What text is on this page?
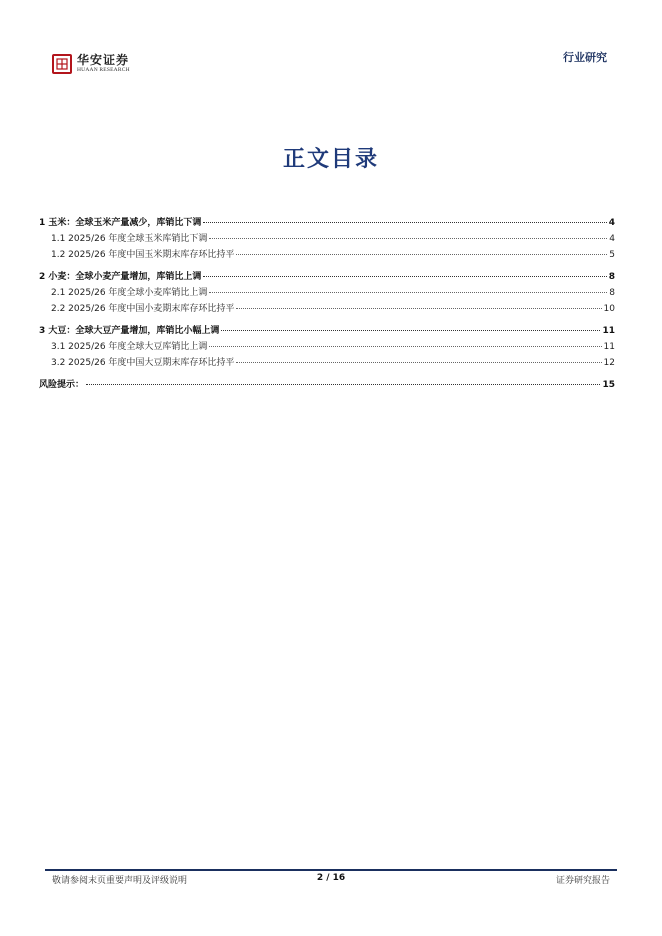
华安证券
HUAAN RESEARCH
行业研究
正文目录
1 玉米：全球玉米产量减少，库销比下调	4
1.1 2025/26 年度全球玉米库销比下调	4
1.2 2025/26 年度中国玉米期末库存环比持平	5
2 小麦：全球小麦产量增加，库销比上调	8
2.1 2025/26 年度全球小麦库销比上调	8
2.2 2025/26 年度中国小麦期末库存环比持平	10
3 大豆：全球大豆产量增加，库销比小幅上调	11
3.1 2025/26 年度全球大豆库销比上调	11
3.2 2025/26 年度中国大豆期末库存环比持平	12
风险提示：	15
敬请参阅末页重要声明及评级说明	2 / 16	证券研究报告
